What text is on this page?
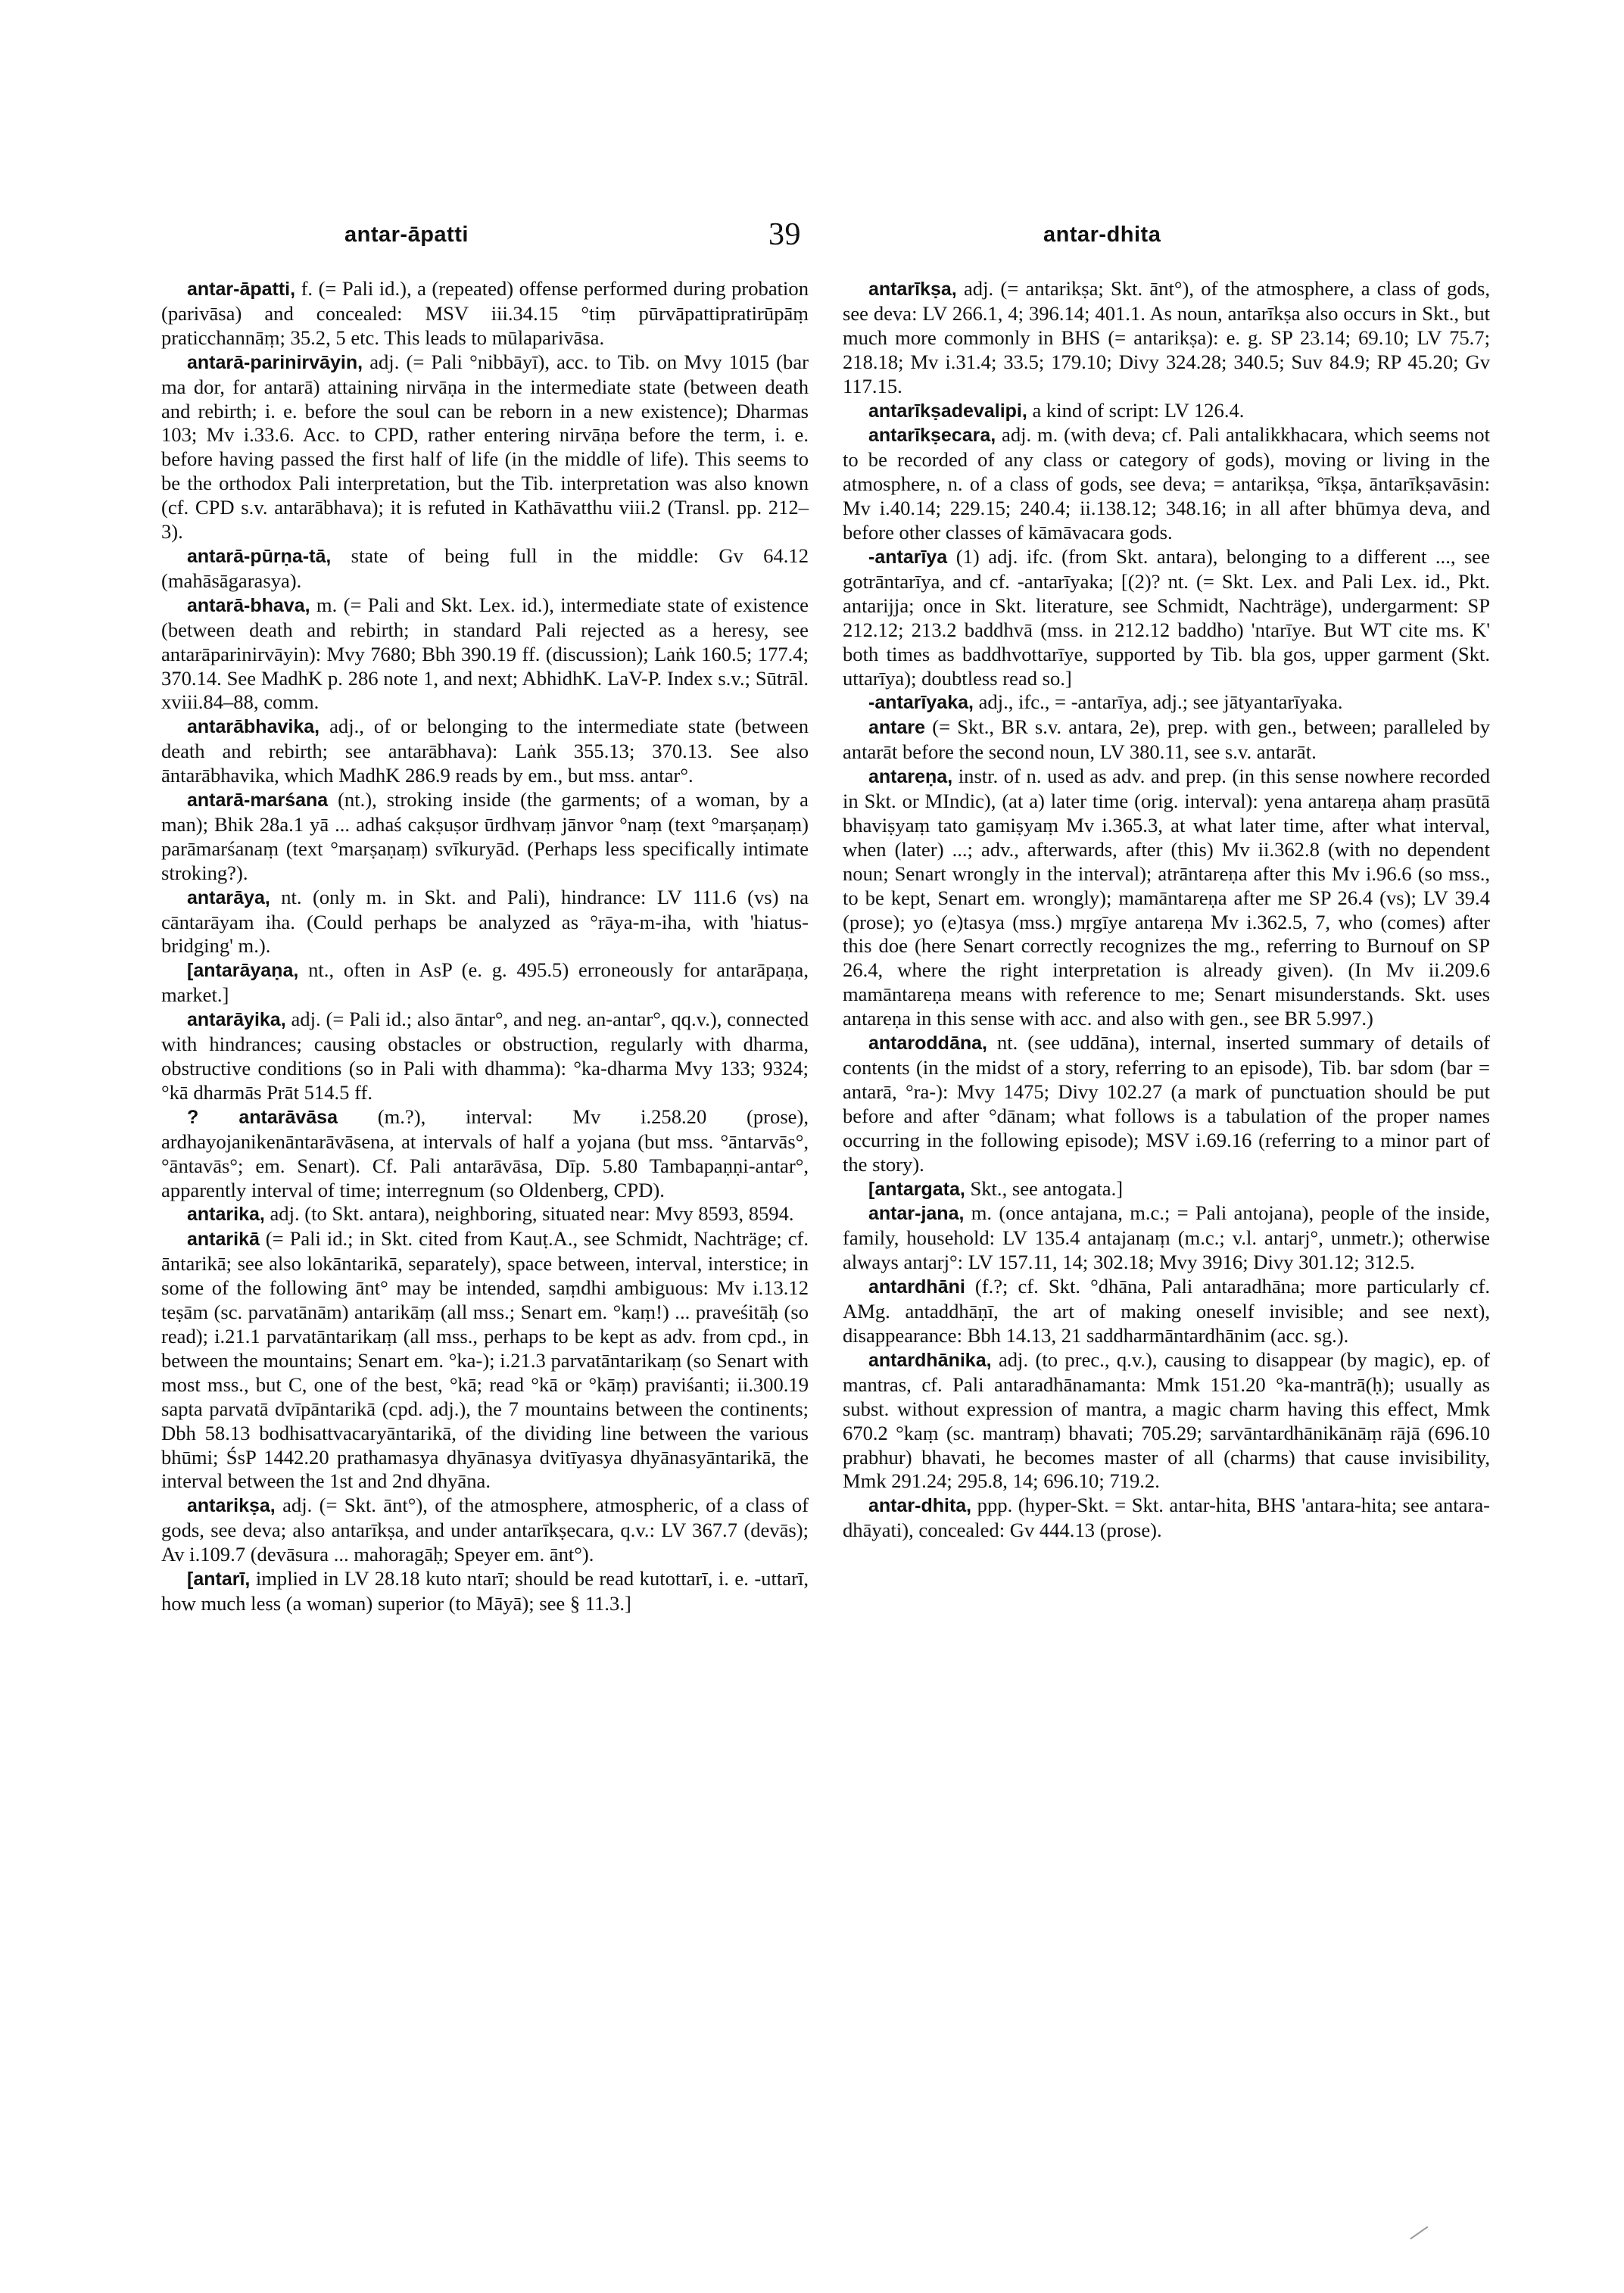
antar-āpatti	39	antar-dhita

antar-āpatti, f. (= Pali id.), a (repeated) offense performed during probation (parivāsa) and concealed: MSV iii.34.15 °tiṃ pūrvāpattipratirūpāṃ praticchannāṃ; 35.2, 5 etc. This leads to mūlaparivāsa.

antarā-parinirvāyin, adj. (= Pali °nibbāyī), acc. to Tib. on Mvy 1015 (bar ma dor, for antarā) attaining nirvāṇa in the intermediate state (between death and rebirth; i. e. before the soul can be reborn in a new existence); Dharmas 103; Mv i.33.6. Acc. to CPD, rather entering nirvāṇa before the term, i. e. before having passed the first half of life (in the middle of life). This seems to be the orthodox Pali interpretation, but the Tib. interpretation was also known (cf. CPD s.v. antarābhava); it is refuted in Kathāvatthu viii.2 (Transl. pp. 212–3).

antarā-pūrṇa-tā, state of being full in the middle: Gv 64.12 (mahāsāgarasya).

antarā-bhava, m. (= Pali and Skt. Lex. id.), intermediate state of existence (between death and rebirth; in standard Pali rejected as a heresy, see antarāparinirvāyin): Mvy 7680; Bbh 390.19 ff. (discussion); Laṅk 160.5; 177.4; 370.14. See MadhK p. 286 note 1, and next; AbhidhK. LaV-P. Index s.v.; Sūtrāl. xviii.84–88, comm.

antarābhavika, adj., of or belonging to the intermediate state (between death and rebirth; see antarābhava): Laṅk 355.13; 370.13. See also āntarābhavika, which MadhK 286.9 reads by em., but mss. antar°.

antarā-marśana (nt.), stroking inside (the garments; of a woman, by a man); Bhik 28a.1 yā ... adhaś cakṣuṣor ūrdhvaṃ jānvor °naṃ (text °marṣaṇaṃ) parāmarśanaṃ (text °marṣaṇaṃ) svīkuryād. (Perhaps less specifically intimate stroking?).

antarāya, nt. (only m. in Skt. and Pali), hindrance: LV 111.6 (vs) na cāntarāyam iha. (Could perhaps be analyzed as °rāya-m-iha, with 'hiatus-bridging' m.).

[antarāyaṇa, nt., often in AsP (e. g. 495.5) erroneously for antarāpaṇa, market.]

antarāyika, adj. (= Pali id.; also āntar°, and neg. an-antar°, qq.v.), connected with hindrances; causing obstacles or obstruction, regularly with dharma, obstructive conditions (so in Pali with dhamma): °ka-dharma Mvy 133; 9324; °kā dharmās Prāt 514.5 ff.

? antarāvāsa (m.?), interval: Mv i.258.20 (prose), ardhayojanikenāntarāvāsena, at intervals of half a yojana (but mss. °āntarvās°, °āntavās°; em. Senart). Cf. Pali antarāvāsa, Dīp. 5.80 Tambapaṇṇi-antar°, apparently interval of time; interregnum (so Oldenberg, CPD).

antarika, adj. (to Skt. antara), neighboring, situated near: Mvy 8593, 8594.

antarikā (= Pali id.; in Skt. cited from Kauṭ.A., see Schmidt, Nachträge; cf. āntarikā; see also lokāntarikā, separately), space between, interval, interstice; in some of the following ānt° may be intended, saṃdhi ambiguous: Mv i.13.12 teṣām (sc. parvatānām) antarikāṃ (all mss.; Senart em. °kaṃ!) ... praveśitāḥ (so read); i.21.1 parvatāntarikaṃ (all mss., perhaps to be kept as adv. from cpd., in between the mountains; Senart em. °ka-); i.21.3 parvatāntarikaṃ (so Senart with most mss., but C, one of the best, °kā; read °kā or °kāṃ) praviśanti; ii.300.19 sapta parvatā dvīpāntarikā (cpd. adj.), the 7 mountains between the continents; Dbh 58.13 bodhisattvacaryāntarikā, of the dividing line between the various bhūmi; ŚsP 1442.20 prathamasya dhyānasya dvitīyasya dhyānasyāntarikā, the interval between the 1st and 2nd dhyāna.

antarikṣa, adj. (= Skt. ānt°), of the atmosphere, atmospheric, of a class of gods, see deva; also antarīkṣa, and under antarīkṣecara, q.v.: LV 367.7 (devās); Av i.109.7 (devāsura ... mahoragāḥ; Speyer em. ānt°).

[antarī, implied in LV 28.18 kuto ntarī; should be read kutottarī, i. e. -uttarī, how much less (a woman) superior (to Māyā); see § 11.3.]

antarīkṣa, adj. (= antarikṣa; Skt. ānt°), of the atmosphere, a class of gods, see deva: LV 266.1, 4; 396.14; 401.1. As noun, antarīkṣa also occurs in Skt., but much more commonly in BHS (= antarikṣa): e. g. SP 23.14; 69.10; LV 75.7; 218.18; Mv i.31.4; 33.5; 179.10; Divy 324.28; 340.5; Suv 84.9; RP 45.20; Gv 117.15.

antarīkṣadevalipi, a kind of script: LV 126.4.

antarīkṣecara, adj. m. (with deva; cf. Pali antalikkhacara, which seems not to be recorded of any class or category of gods), moving or living in the atmosphere, n. of a class of gods, see deva; = antarikṣa, °īkṣa, āntarīkṣavāsin: Mv i.40.14; 229.15; 240.4; ii.138.12; 348.16; in all after bhūmya deva, and before other classes of kāmāvacara gods.

-antarīya (1) adj. ifc. (from Skt. antara), belonging to a different ..., see gotrāntarīya, and cf. -antarīyaka; [(2)? nt. (= Skt. Lex. and Pali Lex. id., Pkt. antarijja; once in Skt. literature, see Schmidt, Nachträge), undergarment: SP 212.12; 213.2 baddhvā (mss. in 212.12 baddho) 'ntarīye. But WT cite ms. K' both times as baddhvottarīye, supported by Tib. bla gos, upper garment (Skt. uttarīya); doubtless read so.]

-antarīyaka, adj., ifc., = -antarīya, adj.; see jātyantarīyaka.

antare (= Skt., BR s.v. antara, 2e), prep. with gen., between; paralleled by antarāt before the second noun, LV 380.11, see s.v. antarāt.

antareṇa, instr. of n. used as adv. and prep. (in this sense nowhere recorded in Skt. or MIndic), (at a) later time (orig. interval): yena antareṇa ahaṃ prasūtā bhaviṣyaṃ tato gamiṣyaṃ Mv i.365.3, at what later time, after what interval, when (later) ...; adv., afterwards, after (this) Mv ii.362.8 (with no dependent noun; Senart wrongly in the interval); atrāntareṇa after this Mv i.96.6 (so mss., to be kept, Senart em. wrongly); mamāntareṇa after me SP 26.4 (vs); LV 39.4 (prose); yo (e)tasya (mss.) mṛgīye antareṇa Mv i.362.5, 7, who (comes) after this doe (here Senart correctly recognizes the mg., referring to Burnouf on SP 26.4, where the right interpretation is already given). (In Mv ii.209.6 mamāntareṇa means with reference to me; Senart misunderstands. Skt. uses antareṇa in this sense with acc. and also with gen., see BR 5.997.)

antaroddāna, nt. (see uddāna), internal, inserted summary of details of contents (in the midst of a story, referring to an episode), Tib. bar sdom (bar = antarā, °ra-): Mvy 1475; Divy 102.27 (a mark of punctuation should be put before and after °dānam; what follows is a tabulation of the proper names occurring in the following episode); MSV i.69.16 (referring to a minor part of the story).

[antargata, Skt., see antogata.]

antar-jana, m. (once antajana, m.c.; = Pali antojana), people of the inside, family, household: LV 135.4 antajanaṃ (m.c.; v.l. antarj°, unmetr.); otherwise always antarj°: LV 157.11, 14; 302.18; Mvy 3916; Divy 301.12; 312.5.

antardhāni (f.?; cf. Skt. °dhāna, Pali antaradhāna; more particularly cf. AMg. antaddhāṇī, the art of making oneself invisible; and see next), disappearance: Bbh 14.13, 21 saddharmāntardhānim (acc. sg.).

antardhānika, adj. (to prec., q.v.), causing to disappear (by magic), ep. of mantras, cf. Pali antaradhānamanta: Mmk 151.20 °ka-mantrā(ḥ); usually as subst. without expression of mantra, a magic charm having this effect, Mmk 670.2 °kaṃ (sc. mantraṃ) bhavati; 705.29; sarvāntardhānikānāṃ rājā (696.10 prabhur) bhavati, he becomes master of all (charms) that cause invisibility, Mmk 291.24; 295.8, 14; 696.10; 719.2.

antar-dhita, ppp. (hyper-Skt. = Skt. antar-hita, BHS 'antara-hita; see antara-dhāyati), concealed: Gv 444.13 (prose).
